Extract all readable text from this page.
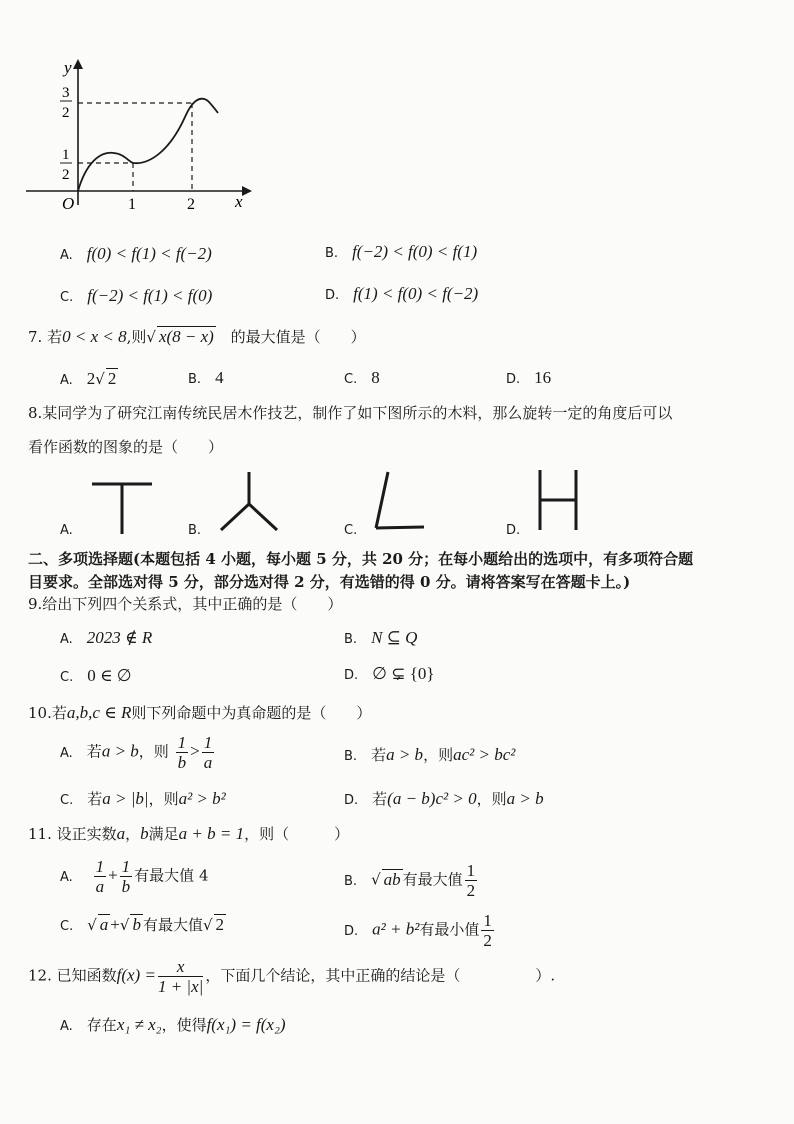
y
x
O	1	2
3
2
1
2
A. f(0) < f(1) < f(−2)	B. f(−2) < f(0) < f(1)
C. f(−2) < f(1) < f(0)	D. f(1) < f(0) < f(−2)
7. 若0 < x < 8,则√ x(8 − x) 的最大值是（　　）
A. 2√ 2	B. 4	C. 8	D. 16
8.某同学为了研究江南传统民居木作技艺，制作了如下图所示的木料，那么旋转一定的角度后可以
看作函数的图象的是（　　）
A.	B.	C.	D.
二、多项选择题(本题包括 4 小题，每小题 5 分，共 20 分；在每小题给出的选项中，有多项符合题
目要求。全部选对得 5 分，部分选对得 2 分，有选错的得 0 分。请将答案写在答题卡上。)
9.给出下列四个关系式，其中正确的是（　　）
A. 2023 ∉ R	B. N ⊆ Q
C. 0 ∈ ∅	D. ∅ ⊊ {0}
10.若a,b,c ∈ R则下列命题中为真命题的是（　　）
A. 若a > b，则 $\frac{1}{b} > \frac{1}{a}$	B. 若a > b，则ac² > bc²
C. 若a > |b|，则a² > b²	D. 若(a − b)c² > 0，则a > b
11. 设正实数a，b满足a + b = 1，则（　　　）
A. $\frac{1}{a} + \frac{1}{b}$ 有最大值 4	B. √ ab 有最大值 $\frac{1}{2}$
C. √ a +√ b 有最大值√ 2	D. a² + b²有最小值 $\frac{1}{2}$
12. 已知函数$f(x) = \frac{x}{1 + |x|}$ ，下面几个结论，其中正确的结论是（　　　　　）.
A. 存在x₁ ≠ x₂，使得f(x₁) = f(x₂)
